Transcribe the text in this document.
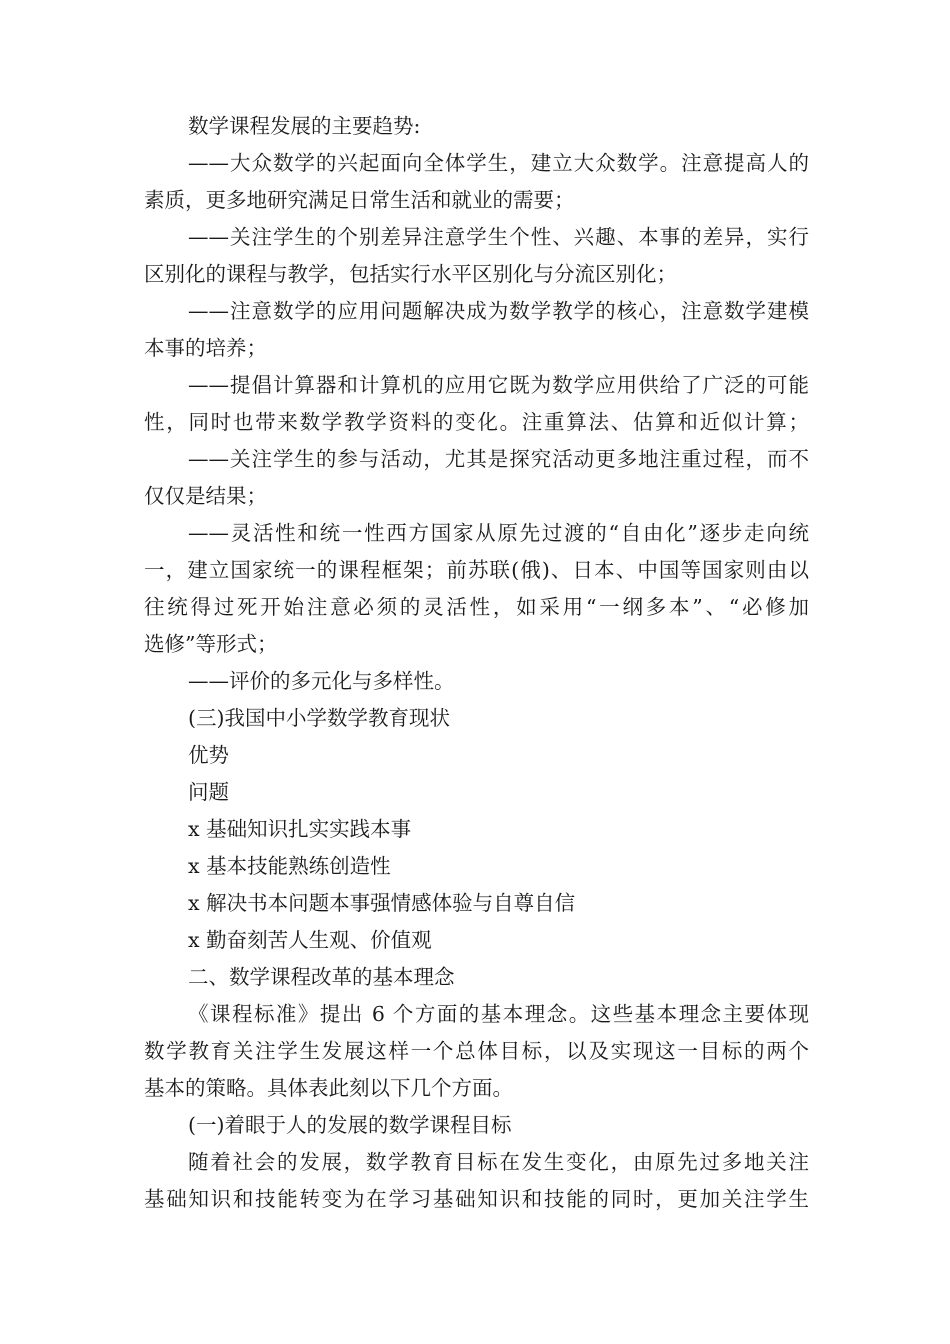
数学课程发展的主要趋势:
——大众数学的兴起面向全体学生，建立大众数学。注意提高人的
素质，更多地研究满足日常生活和就业的需要；
——关注学生的个别差异注意学生个性、兴趣、本事的差异，实行
区别化的课程与教学，包括实行水平区别化与分流区别化；
——注意数学的应用问题解决成为数学教学的核心，注意数学建模
本事的培养；
——提倡计算器和计算机的应用它既为数学应用供给了广泛的可能
性，同时也带来数学教学资料的变化。注重算法、估算和近似计算；
——关注学生的参与活动，尤其是探究活动更多地注重过程，而不
仅仅是结果；
——灵活性和统一性西方国家从原先过渡的“自由化”逐步走向统
一，建立国家统一的课程框架；前苏联(俄)、日本、中国等国家则由以
往统得过死开始注意必须的灵活性，如采用“一纲多本”、“必修加
选修”等形式；
——评价的多元化与多样性。
(三)我国中小学数学教育现状
优势
问题
x 基础知识扎实实践本事
x 基本技能熟练创造性
x 解决书本问题本事强情感体验与自尊自信
x 勤奋刻苦人生观、价值观
二、数学课程改革的基本理念
《课程标准》提出 6 个方面的基本理念。这些基本理念主要体现
数学教育关注学生发展这样一个总体目标，以及实现这一目标的两个
基本的策略。具体表此刻以下几个方面。
(一)着眼于人的发展的数学课程目标
随着社会的发展，数学教育目标在发生变化，由原先过多地关注
基础知识和技能转变为在学习基础知识和技能的同时，更加关注学生
